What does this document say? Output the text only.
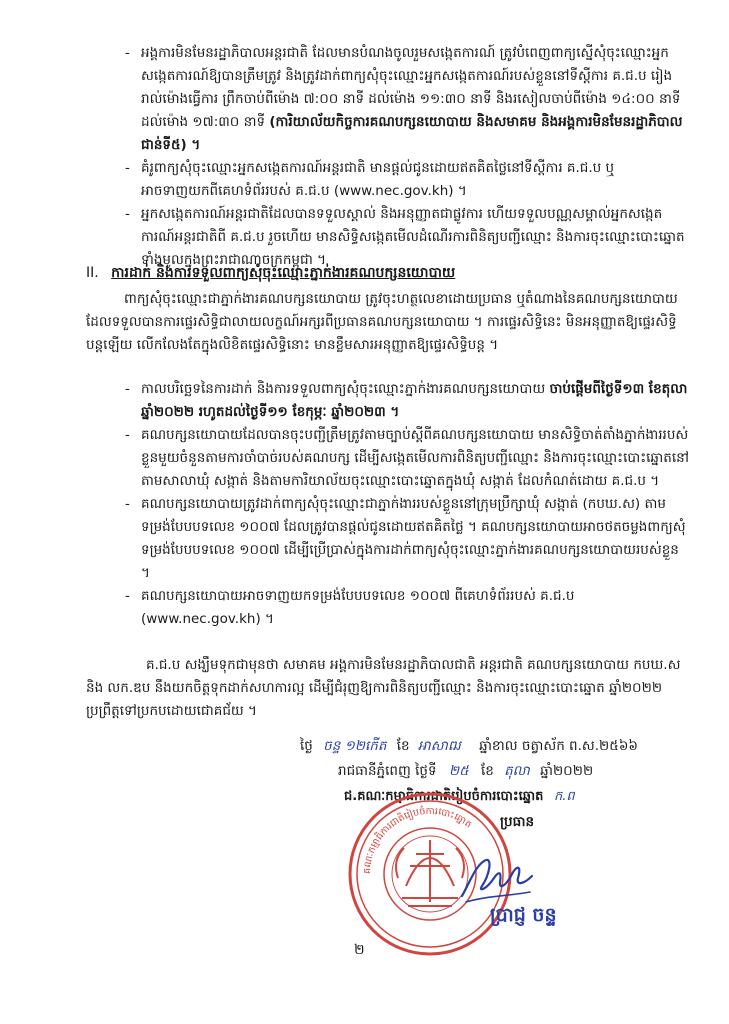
- អង្គការមិនមែនរដ្ឋាភិបាលអន្តរជាតិ ដែលមានបំណងចូលរួមសង្កេតការណ៍ ត្រូវបំពេញពាក្យស្នើសុំចុះឈ្មោះអ្នកសង្កេតការណ៍ឱ្យបានត្រឹមត្រូវ និងត្រូវដាក់ពាក្យសុំចុះឈ្មោះអ្នកសង្កេតការណ៍របស់ខ្លួននៅទីស្តីការ គ.ជ.ប រៀងរាល់ម៉ោងធ្វើការ ព្រឹកចាប់ពីម៉ោង ៧:០០ នាទី ដល់ម៉ោង ១១:៣០ នាទី និងរសៀលចាប់ពីម៉ោង ១៤:០០ នាទី ដល់ម៉ោង ១៧:៣០ នាទី (ការិយាល័យកិច្ចការគណបក្សនយោបាយ និងសមាគម និងអង្គការមិនមែនរដ្ឋាភិបាល ជាន់ទី៥) ។
- គំរូពាក្យសុំចុះឈ្មោះអ្នកសង្កេតការណ៍អន្តរជាតិ មានផ្តល់ជូនដោយឥតគិតថ្លៃនៅទីស្តីការ គ.ជ.ប ឬអាចទាញយកពីគេហទំព័ររបស់ គ.ជ.ប (www.nec.gov.kh) ។
- អ្នកសង្កេតការណ៍អន្តរជាតិដែលបានទទួលស្គាល់ និងអនុញ្ញាតជាផ្លូវការ ហើយទទួលបណ្ណសម្គាល់អ្នកសង្កេតការណ៍អន្តរជាតិពី គ.ជ.ប រួចហើយ មានសិទ្ធិសង្កេតមើលដំណើរការពិនិត្យបញ្ជីឈ្មោះ និងការចុះឈ្មោះបោះឆ្នោតទាំងមូលក្នុងព្រះរាជាណាចក្រកម្ពុជា ។
II. ការដាក់ និងការទទួលពាក្យសុំចុះឈ្មោះភ្នាក់ងារគណបក្សនយោបាយ

ពាក្យសុំចុះឈ្មោះជាភ្នាក់ងារគណបក្សនយោបាយ ត្រូវចុះហត្ថលេខាដោយប្រធាន ឬតំណាងនៃគណបក្សនយោបាយ ដែលទទួលបានការផ្ទេរសិទ្ធិជាលាយលក្ខណ៍អក្សរពីប្រធានគណបក្សនយោបាយ ។ ការផ្ទេរសិទ្ធិនេះ មិនអនុញ្ញាតឱ្យផ្ទេរសិទ្ធិបន្តឡើយ លើកលែងតែក្នុងលិខិតផ្ទេរសិទ្ធិនោះ មានខ្លឹមសារអនុញ្ញាតឱ្យផ្ទេរសិទ្ធិបន្ត ។

- កាលបរិច្ឆេទនៃការដាក់ និងការទទួលពាក្យសុំចុះឈ្មោះភ្នាក់ងារគណបក្សនយោបាយ ចាប់ផ្តើមពីថ្ងៃទី១៣ ខែតុលា ឆ្នាំ២០២២ រហូតដល់ថ្ងៃទី១១ ខែកុម្ភៈ ឆ្នាំ២០២៣ ។
- គណបក្សនយោបាយដែលបានចុះបញ្ជីត្រឹមត្រូវតាមច្បាប់ស្តីពីគណបក្សនយោបាយ មានសិទ្ធិចាត់តាំងភ្នាក់ងាររបស់ខ្លួនមួយចំនួនតាមការចាំបាច់របស់គណបក្ស ដើម្បីសង្កេតមើលការពិនិត្យបញ្ជីឈ្មោះ និងការចុះឈ្មោះបោះឆ្នោតនៅតាមសាលាឃុំ សង្កាត់ និងតាមការិយាល័យចុះឈ្មោះបោះឆ្នោតក្នុងឃុំ សង្កាត់ ដែលកំណត់ដោយ គ.ជ.ប ។
- គណបក្សនយោបាយត្រូវដាក់ពាក្យសុំចុះឈ្មោះជាភ្នាក់ងាររបស់ខ្លួននៅក្រុមប្រឹក្សាឃុំ សង្កាត់ (កបឃ.ស) តាមទម្រង់បែបបទលេខ ១០០៧ ដែលត្រូវបានផ្តល់ជូនដោយឥតគិតថ្លៃ ។ គណបក្សនយោបាយអាចថតចម្លងពាក្យសុំទម្រង់បែបបទលេខ ១០០៧ ដើម្បីប្រើប្រាស់ក្នុងការដាក់ពាក្យសុំចុះឈ្មោះភ្នាក់ងារគណបក្សនយោបាយរបស់ខ្លួន ។
- គណបក្សនយោបាយអាចទាញយកទម្រង់បែបបទលេខ ១០០៧ ពីគេហទំព័ររបស់ គ.ជ.ប (www.nec.gov.kh) ។

គ.ជ.ប សង្ឃឹមទុកជាមុនថា សមាគម អង្គការមិនមែនរដ្ឋាភិបាលជាតិ អន្តរជាតិ គណបក្សនយោបាយ កបឃ.ស និង លក.ឌប នឹងយកចិត្តទុកដាក់សហការល្អ ដើម្បីជំរុញឱ្យការពិនិត្យបញ្ជីឈ្មោះ និងការចុះឈ្មោះបោះឆ្នោត ឆ្នាំ២០២២ ប្រព្រឹត្តទៅប្រកបដោយជោគជ័យ ។

ថ្ងៃ ចន្ទ ១២កើត ខែ អាសាឍ ឆ្នាំខាល ចត្វាស័ក ព.ស.២៥៦៦
រាជធានីភ្នំពេញ ថ្ងៃទី ២៥ ខែ តុលា ឆ្នាំ២០២២
ជ.គណៈកម្មាធិការជាតិរៀបចំការបោះឆ្នោត ក.ព
ប្រធាន
គណៈកម្មាធិការជាតិរៀបចំការបោះឆ្នោត
ប្រាជ្ញ ចន្ទ
២
